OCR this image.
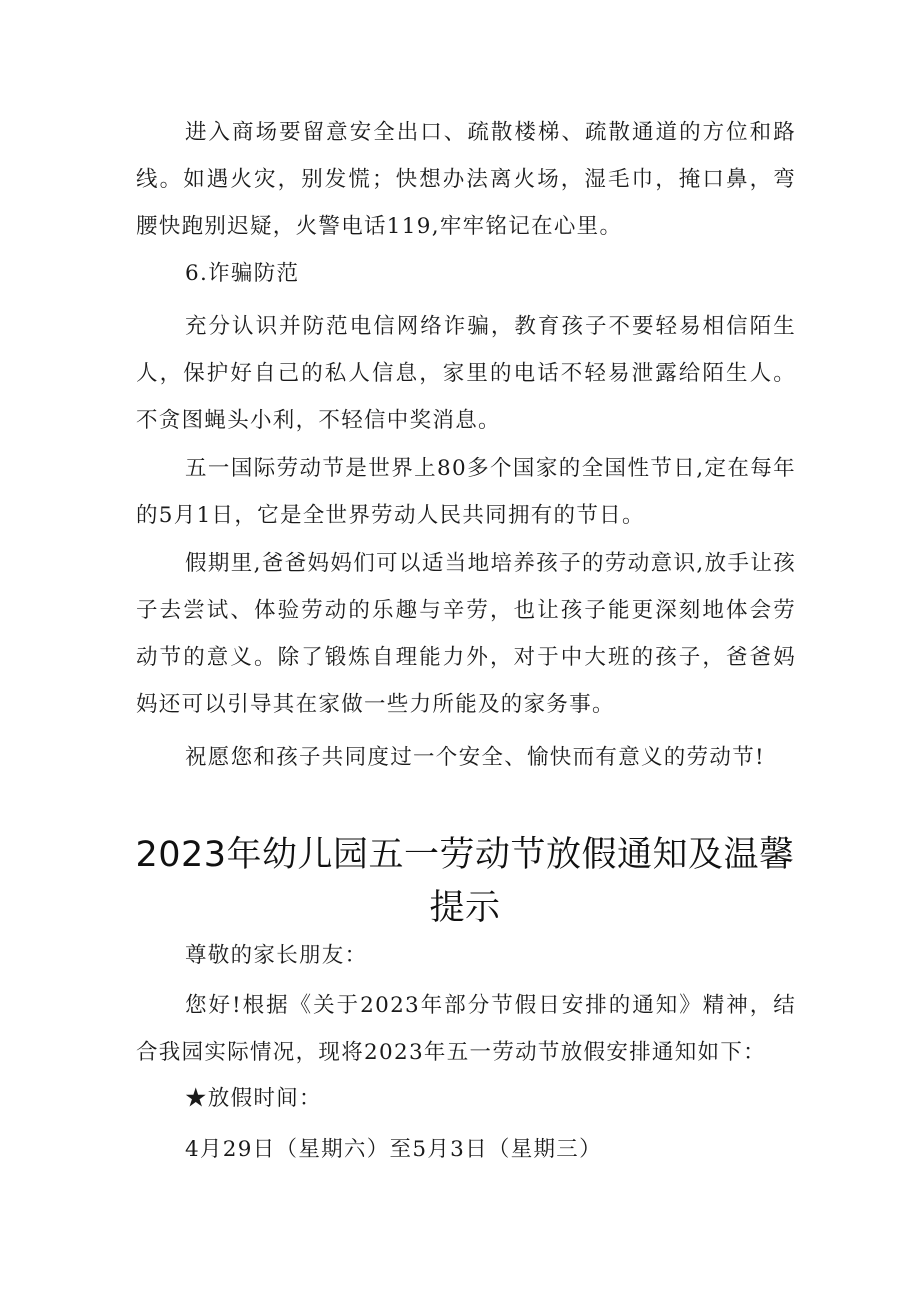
进入商场要留意安全出口、疏散楼梯、疏散通道的方位和路线。如遇火灾，别发慌；快想办法离火场，湿毛巾，掩口鼻，弯腰快跑别迟疑，火警电话119,牢牢铭记在心里。

6.诈骗防范

充分认识并防范电信网络诈骗，教育孩子不要轻易相信陌生人，保护好自己的私人信息，家里的电话不轻易泄露给陌生人。不贪图蝇头小利，不轻信中奖消息。

五一国际劳动节是世界上80多个国家的全国性节日,定在每年的5月1日，它是全世界劳动人民共同拥有的节日。

假期里,爸爸妈妈们可以适当地培养孩子的劳动意识,放手让孩子去尝试、体验劳动的乐趣与辛劳，也让孩子能更深刻地体会劳动节的意义。除了锻炼自理能力外，对于中大班的孩子，爸爸妈妈还可以引导其在家做一些力所能及的家务事。

祝愿您和孩子共同度过一个安全、愉快而有意义的劳动节!

2023年幼儿园五一劳动节放假通知及温馨提示

尊敬的家长朋友：

您好!根据《关于2023年部分节假日安排的通知》精神，结合我园实际情况，现将2023年五一劳动节放假安排通知如下：

★放假时间：

4月29日（星期六）至5月3日（星期三）
